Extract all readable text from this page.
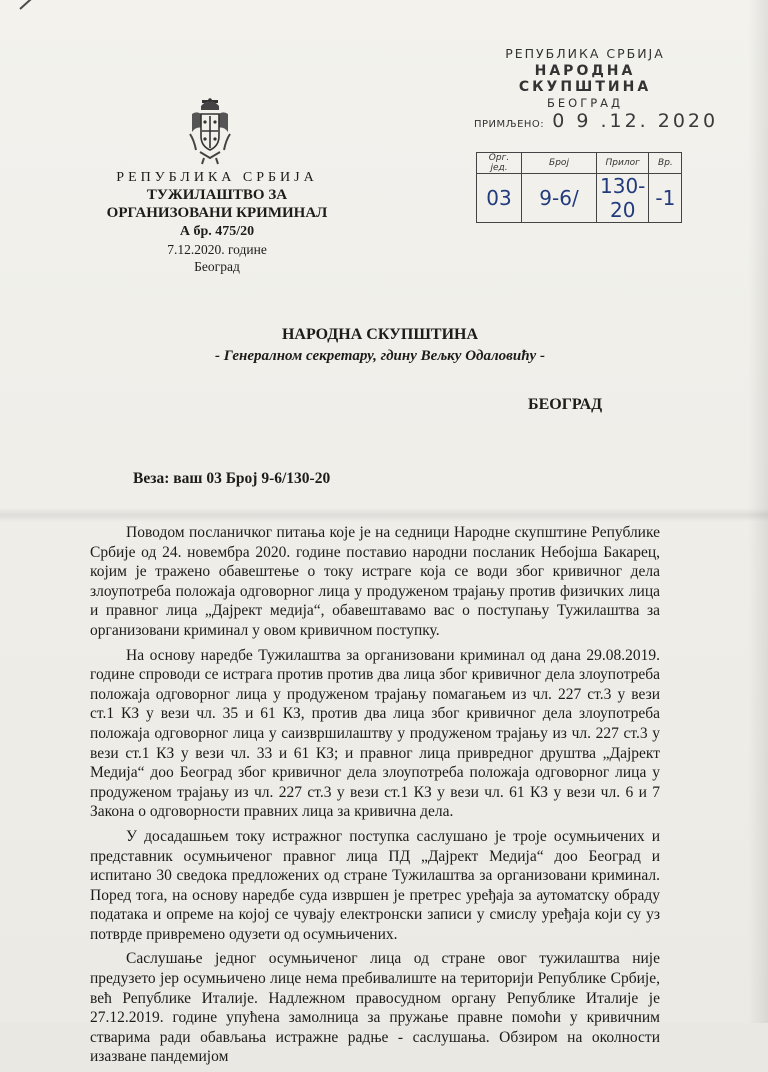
РЕПУБЛИКА СРБИЈА
НАРОДНА СКУПШТИНА
БЕОГРАД
ПРИМЉЕНО: 0 9 .12. 2020
Орг. јед.	Број	Прилог	Вр.
03	9-6/	130-20	-1
РЕПУБЛИКА СРБИЈА
ТУЖИЛАШТВО ЗА
ОРГАНИЗОВАНИ КРИМИНАЛ
А бр. 475/20
7.12.2020. године
Београд
НАРОДНА СКУПШТИНА
- Генералном секретару, гдину Вељку Одаловићу -
БЕОГРАД
Веза: ваш 03 Број 9-6/130-20

Поводом посланичког питања које је на седници Народне скупштине Републике Србије од 24. новембра 2020. године поставио народни посланик Небојша Бакарец, којим је тражено обавештење о току истраге која се води због кривичног дела злоупотреба положаја одговорног лица у продуженом трајању против физичких лица и правног лица „Дајрект медија“, обавештавамо вас о поступању Тужилаштва за организовани криминал у овом кривичном поступку.

На основу наредбе Тужилаштва за организовани криминал од дана 29.08.2019. године спроводи се истрага против против два лица због кривичног дела злоупотреба положаја одговорног лица у продуженом трајању помагањем из чл. 227 ст.3 у вези ст.1 КЗ у вези чл. 35 и 61 КЗ, против два лица због кривичног дела злоупотреба положаја одговорног лица у саизвршилаштву у продуженом трајању из чл. 227 ст.3 у вези ст.1 КЗ у вези чл. 33 и 61 КЗ; и правног лица привредног друштва „Дајрект Медија“ доо Београд због кривичног дела злоупотреба положаја одговорног лица у продуженом трајању из чл. 227 ст.3 у вези ст.1 КЗ у вези чл. 61 КЗ у вези чл. 6 и 7 Закона о одговорности правних лица за кривична дела.

У досадашњем току истражног поступка саслушано је троје осумњичених и представник осумњиченог правног лица ПД „Дајрект Медија“ доо Београд и испитано 30 сведока предложених од стране Тужилаштва за организовани криминал. Поред тога, на основу наредбе суда извршен је претрес уређаја за аутоматску обраду података и опреме на којој се чувају електронски записи у смислу уређаја који су уз потврде привремено одузети од осумњичених.

Саслушање једног осумњиченог лица од стране овог тужилаштва није предузето јер осумњичено лице нема пребивалиште на територији Републике Србије, већ Републике Италије. Надлежном правосудном органу Републике Италије је 27.12.2019. године упућена замолница за пружање правне помоћи у кривичним стварима ради обављања истражне радње - саслушања. Обзиром на околности изазване пандемијом
